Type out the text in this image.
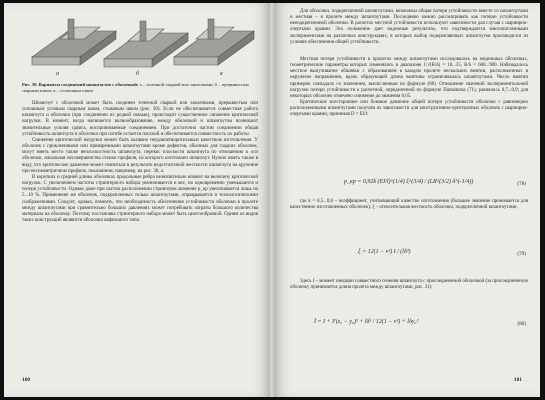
а	б	в
Рис. 30. Варианты соединений шпангоутов с оболочкой: а – точечной сваркой или заклепками; б – прерывистым сварным швом; в – сплошным швом

Шпангоут с оболочкой может быть соединен точечной сваркой или заклепками, прерывистым или сплошным угловым сварным швом, стыковым швом (рис. 30). Если не обеспечивается совместная работа шпангоута и оболочки (при соединении их редкой связью), происходит существенное снижение критической нагрузки. В момент, когда начинается волнообразование, между оболочкой и шпангоутом возникают значительные усилия сдвига, воспринимаемые соединением. При достаточно частом соединении общая устойчивость шпангоута и оболочки при изгибе остается плоской и обеспечивается совместность их работы.

Снижение критической нагрузки может быть вызвано неудовлетворительным качеством изготовления. У оболочек с приклеенными или приваренными шпангоутами кроме дефектов, обычных для гладких оболочек, могут иметь место также неплоскостность шпангоута, перекос плоскости шпангоута по отношению к оси оболочки, начальная несовершенства стенки профиля, из которого изготовлен шпангоут. Нужно иметь также в виду, что критическое давление может снизиться в результате недостаточной жесткости шпангоута на кручение при несимметричном профиле, показанном, например, на рис. 30, а.

В коротких и средней длины оболочках продольные ребра незначительно влияют на величину критической нагрузки. С увеличением частоты стрингерного набора увеличивается и вес, но одновременно уменьшается и потеря устойчивости. Однако даже при частом расположении стрингеров значение p_кр увеличивается лишь на 5...10 %. Применение же оболочек, подкрепленных только шпангоутами, оправдывается и технологическими соображениями. Следует, однако, помнить, что необходимость обеспечения устойчивости оболочки в пролете между шпангоутами при сравнительно больших давлениях может потребовать затраты большого количества материала на оболочку. Поэтому постановка стрингерного набора может быть целесообразной. Одним из видов таких конструкций являются оболочки вафельного типа.

100

Для оболочки, подкрепленной шпангоутами, возможны общая потеря устойчивости вместе со шпангоутами и местная – в пролете между шпангоутами. Последнюю можно рассматривать как потерю устойчивости неподкрепленной оболочки. В расчетах местной устойчивости используют зависимости для случая с шарнирно-опертыми краями. Это положение дает надежные результаты, что подтверждается многочисленными экспериментами на различных конструкциях, в которых выбор подкрепляющих шпангоутов производился из условия обеспечения общей устойчивости.

Местная потеря устойчивости в пролетах между шпангоутами исследовалась на модельных оболочках, геометрические параметры которых изменялись в диапазоне 1/√(R/δ) = 10...35, R/δ = 600...900. Наблюдалось местное выпучивание обшивки с образованием в каждом пролете нескольких вмятин, расположенных в окружном направлении, вдоль образующей длина вмятины ограничивалась шпангоутами. Число вмятин примерно совпадало со значением, вычисленным по формуле (68). Отношение значений экспериментальной нагрузки потери устойчивости к расчетной, определенной по формуле Папковича (71), равнялось 0,7...0,9; для некоторых оболочек отмечено снижение до значения 0,65.

Критическое всестороннее или боковое давление общей потери устойчивости оболочки с равномерно расположенными шпангоутами получим из зависимости для конструктивно-ортотропных оболочек с шарнирно-опертыми краями, принимая D = EI/l:

p_кр = 0,92k (EI/l)^(1/4) ξ^(3/4) / (LR^(3/2) δ^(-1/4))	(78)

где k = 0,5...0,8 – коэффициент, учитывающий качество изготовления (большее значение принимается для качественно изготовленных оболочек); ξ – относительная жесткость оболочки, подкрепленной шпангоутами,

ξ = 12(1 − ν²) I / (lδ³)	(79)

Здесь I – момент инерции совместного сечения шпангоута с присоединенной оболочкой (за присоединенную оболочку принимается длина пролета между шпангоутами, рис. 31):

Ī = I + F(z₀ − y₀)² + lδ³ / 12(1 − ν²) + lδy₀²	(80)
101
